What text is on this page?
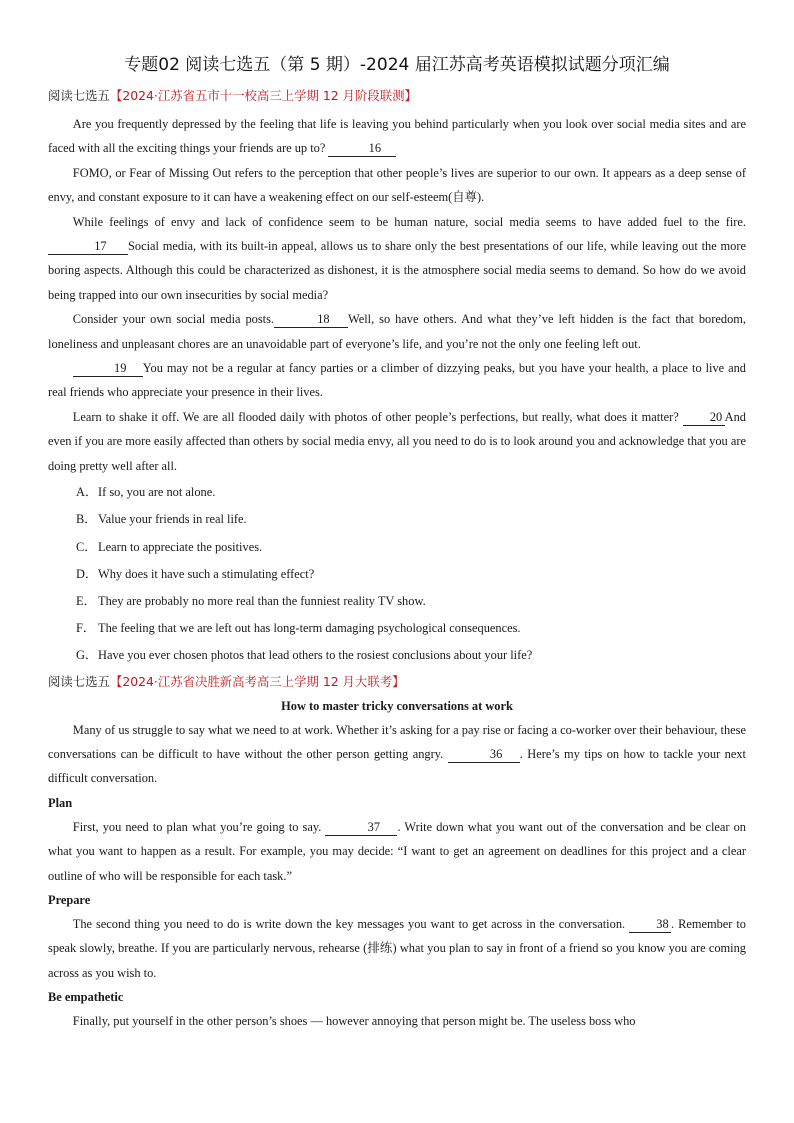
专题02 阅读七选五（第 5 期）-2024 届江苏高考英语模拟试题分项汇编
阅读七选五【2024·江苏省五市十一校高三上学期 12 月阶段联测】

Are you frequently depressed by the feeling that life is leaving you behind particularly when you look over social media sites and are faced with all the exciting things your friends are up to?	16

FOMO, or Fear of Missing Out refers to the perception that other people’s lives are superior to our own. It appears as a deep sense of envy, and constant exposure to it can have a weakening effect on our self-esteem(自尊).

While feelings of envy and lack of confidence seem to be human nature, social media seems to have added fuel to the fire.17 Social media, with its built-in appeal, allows us to share only the best presentations of our life, while leaving out the more boring aspects. Although this could be characterized as dishonest, it is the atmosphere social media seems to demand. So how do we avoid being trapped into our own insecurities by social media?

Consider your own social media posts.	18 Well, so have others. And what they’ve left hidden is the fact that boredom, loneliness and unpleasant chores are an unavoidable part of everyone’s life, and you’re not the only one feeling left out.

19 You may not be a regular at fancy parties or a climber of dizzying peaks, but you have your health, a place to live and real friends who appreciate your presence in their lives.

Learn to shake it off. We are all flooded daily with photos of other people’s perfections, but really, what does it matter?	20 And even if you are more easily affected than others by social media envy, all you need to do is to look around you and acknowledge that you are doing pretty well after all.

A．If so, you are not alone.
B．Value your friends in real life.
C．Learn to appreciate the positives.
D．Why does it have such a stimulating effect?
E． They are probably no more real than the funniest reality TV show.
F． The feeling that we are left out has long-term damaging psychological consequences.
G．Have you ever chosen photos that lead others to the rosiest conclusions about your life?
阅读七选五【2024·江苏省决胜新高考高三上学期 12 月大联考】
How to master tricky conversations at work

Many of us struggle to say what we need to at work. Whether it’s asking for a pay rise or facing a co-worker over their behaviour, these conversations can be difficult to have without the other person getting angry.	36 . Here’s my tips on how to tackle your next difficult conversation.

Plan

First, you need to plan what you’re going to say.	37 . Write down what you want out of the conversation and be clear on what you want to happen as a result. For example, you may decide: “I want to get an agreement on deadlines for this project and a clear outline of who will be responsible for each task.”

Prepare

The second thing you need to do is write down the key messages you want to get across in the conversation.	38 . Remember to speak slowly, breathe. If you are particularly nervous, rehearse (排练) what you plan to say in front of a friend so you know you are coming across as you wish to.

Be empathetic

Finally, put yourself in the other person’s shoes — however annoying that person might be. The useless boss who
